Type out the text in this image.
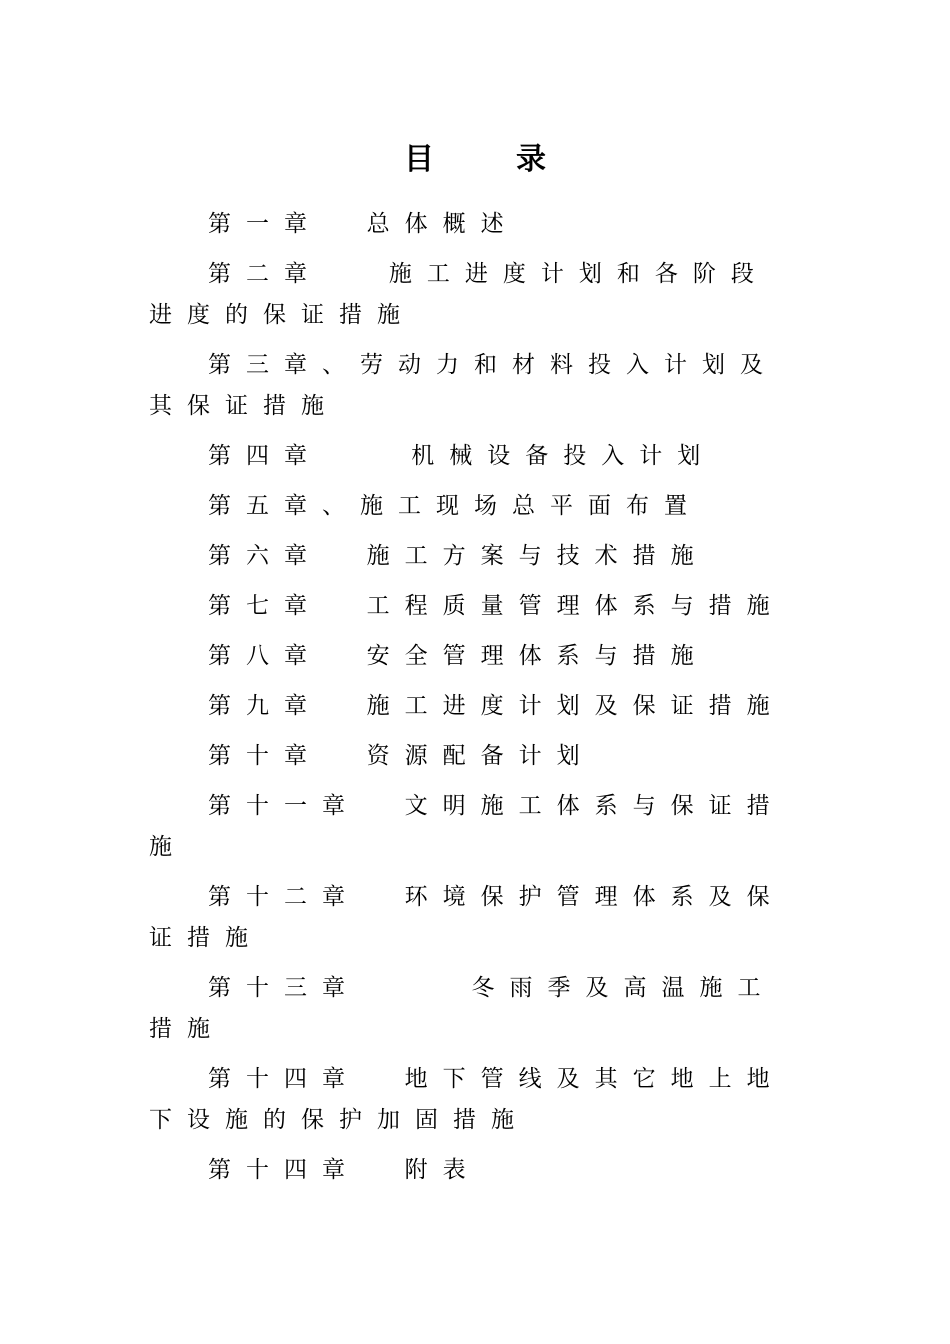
目	录

第一章  总体概述

第二章   施工进度计划和各阶段进度的保证措施

第三章、劳动力和材料投入计划及其保证措施

第四章    机械设备投入计划

第五章、施工现场总平面布置

第六章  施工方案与技术措施

第七章  工程质量管理体系与措施

第八章  安全管理体系与措施

第九章  施工进度计划及保证措施

第十章  资源配备计划

第十一章  文明施工体系与保证措施

第十二章  环境保护管理体系及保证措施

第十三章     冬雨季及高温施工措施

第十四章  地下管线及其它地上地下设施的保护加固措施

第十四章  附表
